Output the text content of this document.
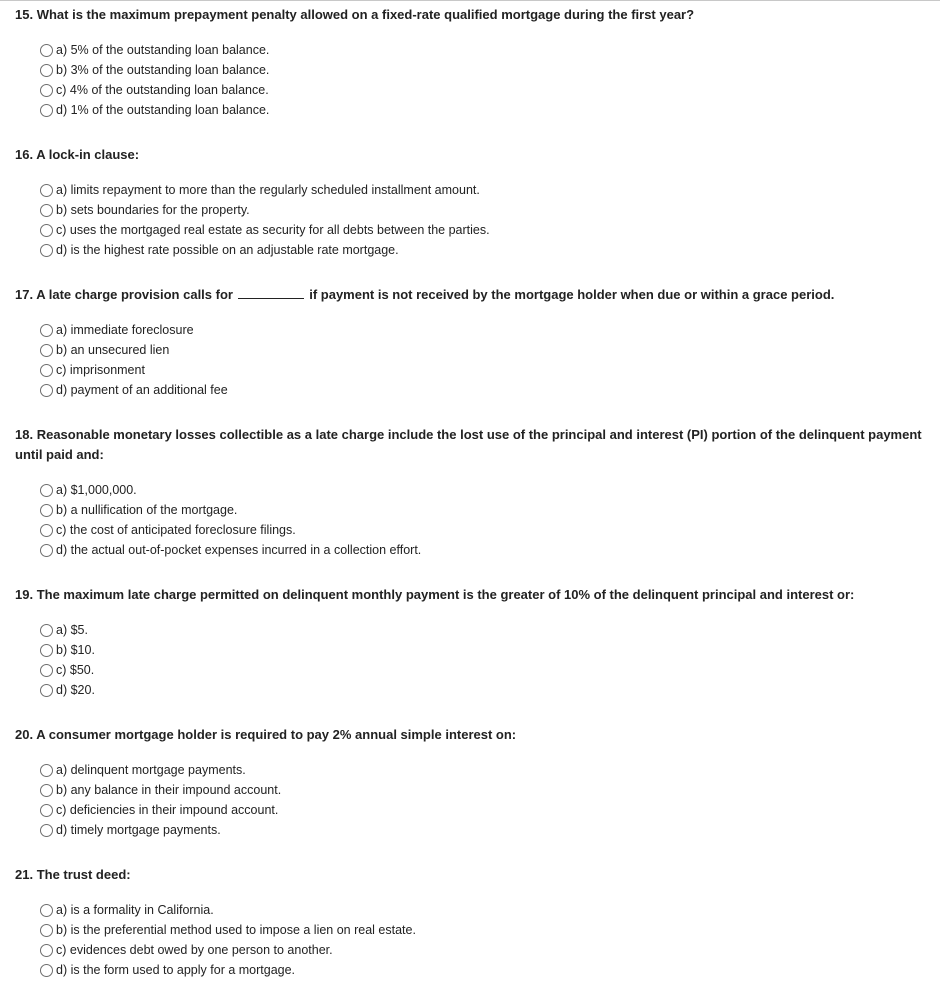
15. What is the maximum prepayment penalty allowed on a fixed-rate qualified mortgage during the first year?

a) 5% of the outstanding loan balance.
b) 3% of the outstanding loan balance.
c) 4% of the outstanding loan balance.
d) 1% of the outstanding loan balance.

16. A lock-in clause:

a) limits repayment to more than the regularly scheduled installment amount.
b) sets boundaries for the property.
c) uses the mortgaged real estate as security for all debts between the parties.
d) is the highest rate possible on an adjustable rate mortgage.

17. A late charge provision calls for	if payment is not received by the mortgage holder when due or within a grace period.

a) immediate foreclosure
b) an unsecured lien
c) imprisonment
d) payment of an additional fee

18. Reasonable monetary losses collectible as a late charge include the lost use of the principal and interest (PI) portion of the delinquent payment until paid and:

a) $1,000,000.
b) a nullification of the mortgage.
c) the cost of anticipated foreclosure filings.
d) the actual out-of-pocket expenses incurred in a collection effort.

19. The maximum late charge permitted on delinquent monthly payment is the greater of 10% of the delinquent principal and interest or:

a) $5.
b) $10.
c) $50.
d) $20.

20. A consumer mortgage holder is required to pay 2% annual simple interest on:

a) delinquent mortgage payments.
b) any balance in their impound account.
c) deficiencies in their impound account.
d) timely mortgage payments.

21. The trust deed:

a) is a formality in California.
b) is the preferential method used to impose a lien on real estate.
c) evidences debt owed by one person to another.
d) is the form used to apply for a mortgage.
